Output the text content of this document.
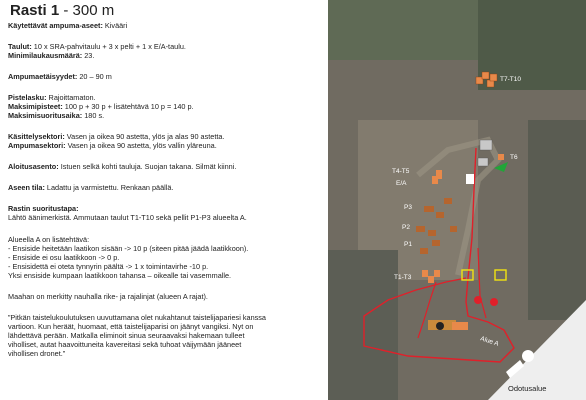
Rasti 1 - 300 m
Käytettävät ampuma-aseet: Kivääri
Taulut: 10 x SRA-pahvitaulu + 3 x pelti + 1 x E/A-taulu.
Minimilaukausmäärä: 23.
Ampumaetäisyydet: 20 – 90 m
Pistelasku: Rajoittamaton.
Maksimipisteet: 100 p + 30 p + lisätehtävä 10 p = 140 p.
Maksimisuoritusaika: 180 s.
Käsittelysektori: Vasen ja oikea 90 astetta, ylös ja alas 90 astetta.
Ampumasektori: Vasen ja oikea 90 astetta, ylös vallin yläreuna.
Aloitusasento: Istuen selkä kohti tauluja. Suojan takana. Silmät kiinni.
Aseen tila: Ladattu ja varmistettu. Renkaan päällä.
Rastin suoritustapa:
Lähtö äänimerkistä. Ammutaan taulut T1-T10 sekä pellit P1-P3 alueelta A.
Alueella A on lisätehtävä:
- Ensiside heitetään laatikon sisään -> 10 p (siteen pitää jäädä laatikkoon).
- Ensiside ei osu laatikkoon -> 0 p.
- Ensisidettä ei oteta tynnyrin päältä -> 1 x toimintavirhe -10 p.
Yksi ensiside kumpaan laatikkoon tahansa – oikealle tai vasemmalle.
Maahan on merkitty nauhalla rike- ja rajalinjat (alueen A rajat).
”Pitkän taistelukoulutuksen uuvuttamana olet nukahtanut taistelijapariesi kanssa
vartioon. Kun heräät, huomaat, että taistelijaparisi on jäänyt vangiksi. Nyt on
lähdettävä perään. Matkalla eliminoit sinua seuraavaksi hakemaan tulleet
viholliset, autat haavoittuneita kavereitasi sekä tuhoat väijymään jääneet
vihollisen dronet.”
T7-T10
T4-T5
E/A
T6
P3
P2
P1
T1-T3
Alue A
Odotusalue
